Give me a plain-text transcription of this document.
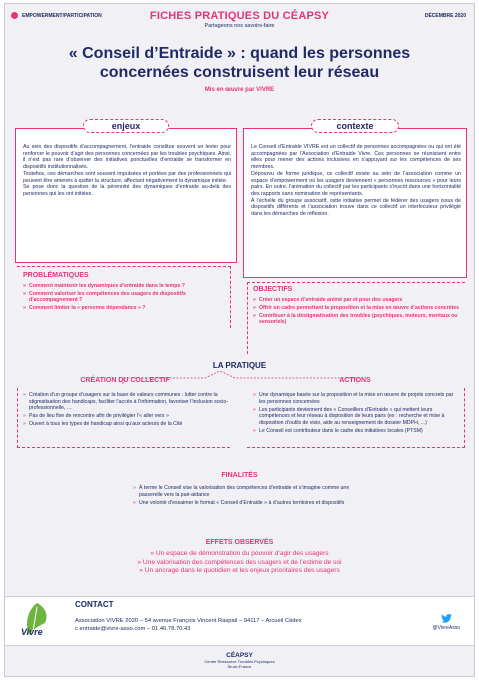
EMPOWERMENT/PARTICIPATION	DÉCEMBRE 2020
FICHES PRATIQUES DU CÉAPSY
Partageons nos savoirs-faire
« Conseil d’Entraide » : quand les personnes
concernées construisent leur réseau
Mis en œuvre par VIVRE

Au sein des dispositifs d’accompagnement, l’entraide constitue souvent un levier pour renforcer le pouvoir d’agir des personnes concernées par les troubles psychiques. Ainsi, il n’est pas rare d’observer des initiatives ponctuelles d’entraide se transformer en dispositifs institutionnalisés.

Toutefois, ces démarches sont souvent impulsées et portées par des professionnels qui peuvent être amenés à quitter la structure, affectant négativement la dynamique initiée.

Se pose donc la question de la pérennité des dynamiques d’entraide au-delà des personnes qui les ont initiées.

enjeux

Le Conseil d’Entraide VIVRE est un collectif de personnes accompagnées ou qui ont été accompagnées par l’Association d’Entraide Vivre. Ces personnes se réunissent entre elles pour mener des actions inclusives en s’appuyant sur les compétences de ses membres.

Dépourvu de forme juridique, ce collectif existe au sein de l’association comme un espace d’empowerment où les usagers deviennent « personnes ressources » pour leurs pairs. En outre, l’animation du collectif par les participants s’inscrit dans une horizontalité des rapports sans nomination de représentants.

À l’échelle du groupe associatif, cette initiative permet de fédérer des usagers issus de dispositifs différents et l’association trouve dans ce collectif un interlocuteur privilégié dans les démarches de réflexion.

contexte
PROBLÉMATIQUES
» Comment maintenir les dynamiques d’entraide dans le temps ?
» Comment valoriser les compétences des usagers de dispositifs d’accompagnement ?
» Comment limiter la « personne dépendance » ?
OBJECTIFS
» Créer un espace d’entraide animé par et pour des usagers
» Offrir un cadre permettant la proposition et la mise en œuvre d’actions concrètes
» Contribuer à la déstigmatisation des troubles (psychiques, moteurs, mentaux ou sensoriels)
LA PRATIQUE
CRÉATION DU COLLECTIF
» Création d’un groupe d’usagers sur la base de valeurs communes : lutter contre la stigmatisation des handicaps, faciliter l’accès à l’information, favoriser l’inclusion socio-professionnelle, …
» Pas de lieu fixe de rencontre afin de privilégier l’« aller vers »
» Ouvert à tous les types de handicap ainsi qu’aux acteurs de la Cité
ACTIONS
» Une dynamique basée sur la proposition et la mise en œuvre de projets concrets par les personnes concernées
» Les participants deviennent des « Conseillers d’Entraide » qui mettent leurs compétences et leur réseau à disposition de leurs pairs (ex : recherche et mise à disposition d’outils de visio, aide au renseignement de dossier MDPH, ...)
» Le Conseil est contributeur dans le cadre des initiatives locales (PTSM)
FINALITÉS
» À terme le Conseil vise la valorisation des compétences d’entraide et s’imagine comme une passerelle vers la pair-aidance
» Une volonté d’essaimer le format « Conseil d’Entraide » à d’autres territoires et dispositifs
EFFETS OBSERVÉS
» Un espace de démonstration du pouvoir d’agir des usagers
» Une valorisation des compétences des usagers et de l’estime de soi
» Un ancrage dans le quotidien et les enjeux prioritaires des usagers
Vivre
CONTACT
Association VIVRE 2020 – 54 avenue François Vincent Raspail – 94117 – Arcueil Cédex
c.entraide@vivre-asso.com – 01.46.78.70.43	@VivreAsso
CÉAPSY
Centre Ressource Troubles Psychiques
Île-de-France
